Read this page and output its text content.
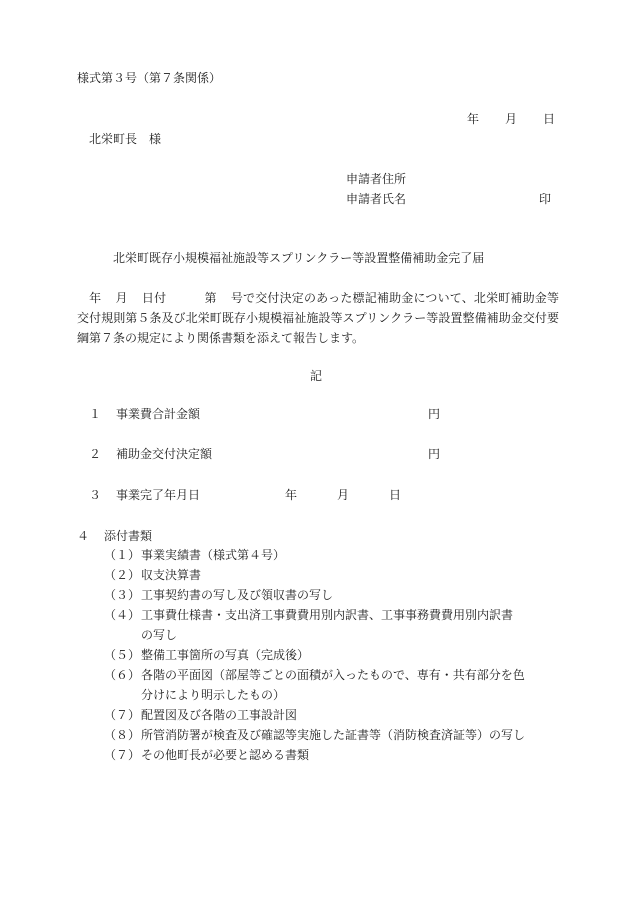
様式第３号（第７条関係）
年 月 日
北栄町長　様
申請者住所
申請者氏名	印
北栄町既存小規模福祉施設等スプリンクラー等設置整備補助金完了届
年 月 日付	第 号で交付決定のあった標記補助金について、北栄町補助金等交付規則第５条及び北栄町既存小規模福祉施設等スプリンクラー等設置整備補助金交付要綱第７条の規定により関係書類を添えて報告します。
記
１ 事業費合計金額	円
２ 補助金交付決定額	円
３ 事業完了年月日	年	月	日
４ 添付書類
（１） 事業実績書（様式第４号）
（２） 収支決算書
（３） 工事契約書の写し及び領収書の写し
（４） 工事費仕様書・支出済工事費費用別内訳書、工事事務費費用別内訳書
の写し
（５） 整備工事箇所の写真（完成後）
（６） 各階の平面図（部屋等ごとの面積が入ったもので、専有・共有部分を色
分けにより明示したもの）
（７） 配置図及び各階の工事設計図
（８） 所管消防署が検査及び確認等実施した証書等（消防検査済証等）の写し
（７） その他町長が必要と認める書類
